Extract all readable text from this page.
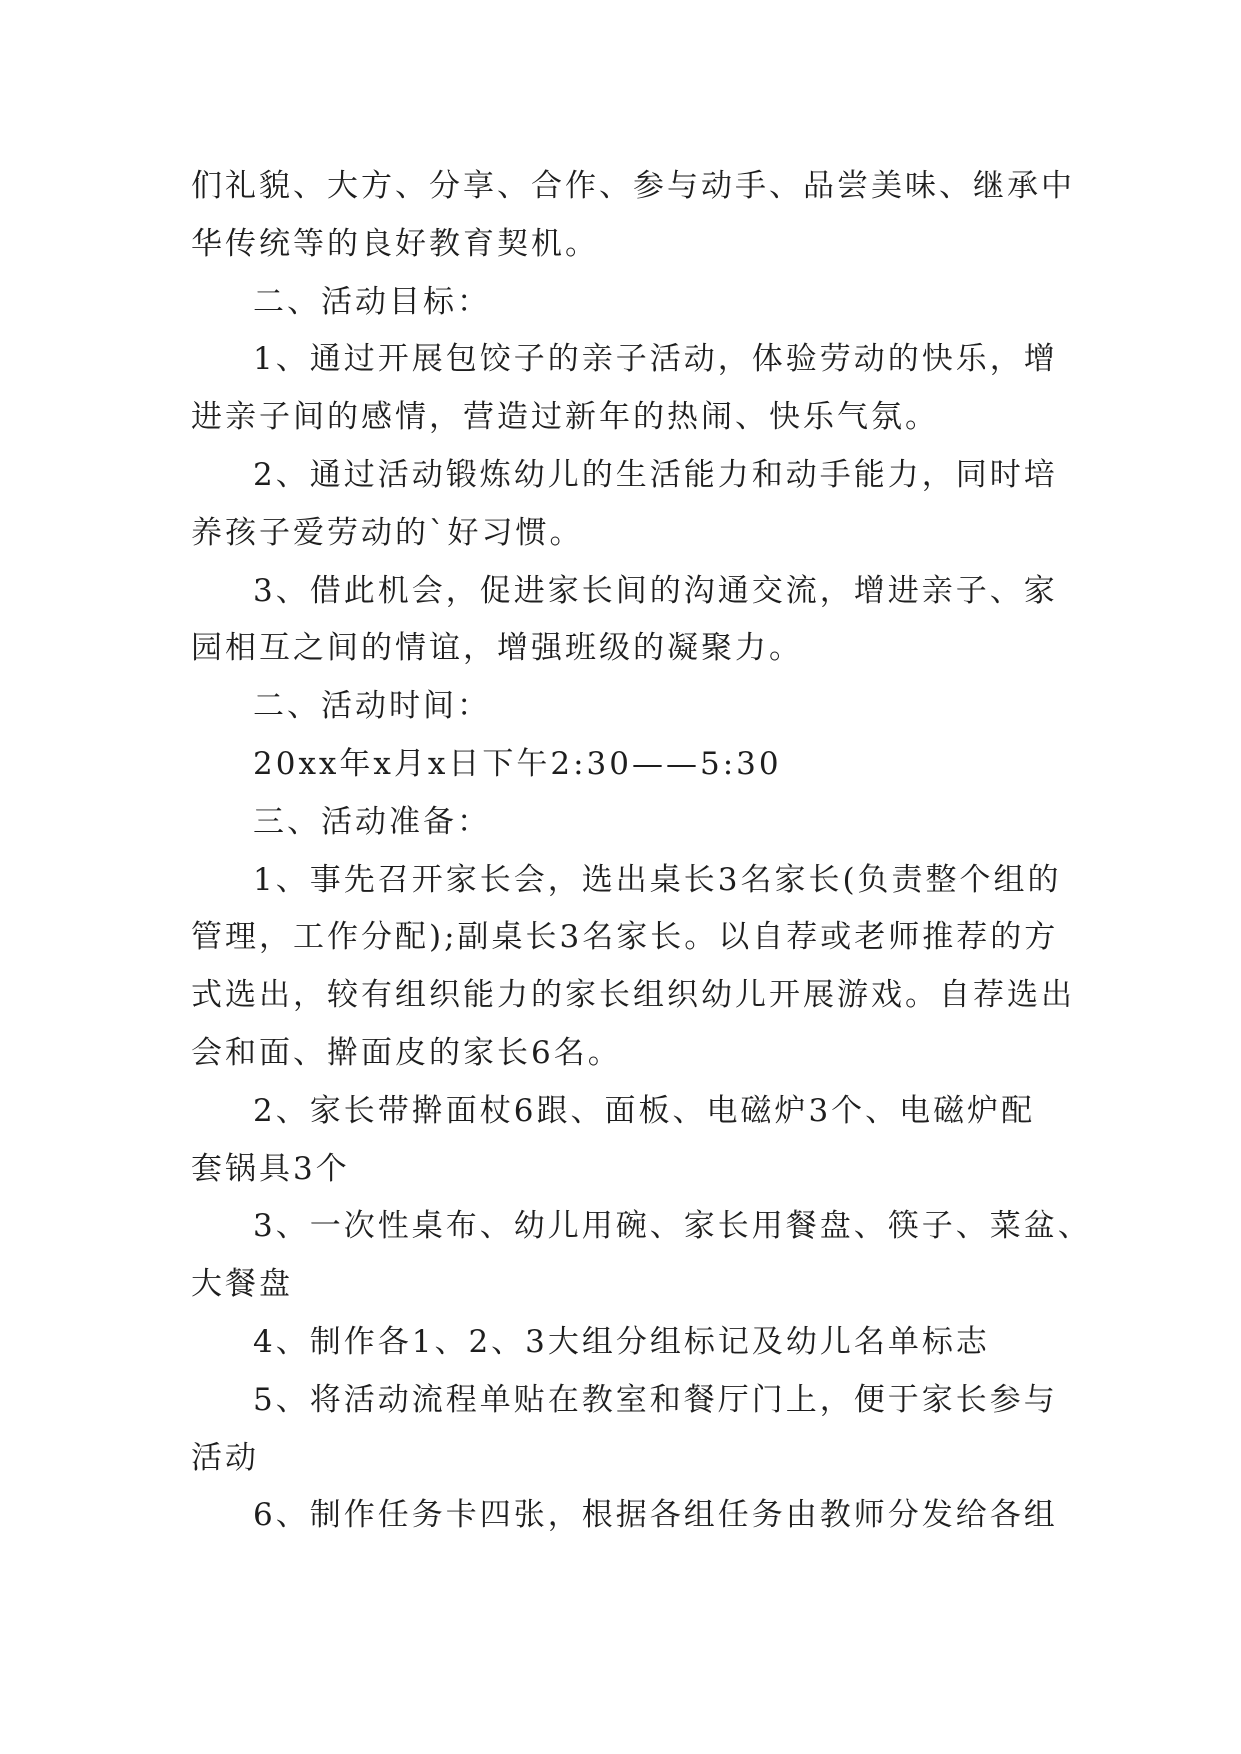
们礼貌、大方、分享、合作、参与动手、品尝美味、继承中
华传统等的良好教育契机。
二、活动目标：
1、通过开展包饺子的亲子活动，体验劳动的快乐，增
进亲子间的感情，营造过新年的热闹、快乐气氛。
2、通过活动锻炼幼儿的生活能力和动手能力，同时培
养孩子爱劳动的`好习惯。
3、借此机会，促进家长间的沟通交流，增进亲子、家
园相互之间的情谊，增强班级的凝聚力。
二、活动时间：
20xx年x月x日下午2:30——5:30
三、活动准备：
1、事先召开家长会，选出桌长3名家长(负责整个组的
管理，工作分配);副桌长3名家长。以自荐或老师推荐的方
式选出，较有组织能力的家长组织幼儿开展游戏。自荐选出
会和面、擀面皮的家长6名。
2、家长带擀面杖6跟、面板、电磁炉3个、电磁炉配
套锅具3个
3、一次性桌布、幼儿用碗、家长用餐盘、筷子、菜盆、
大餐盘
4、制作各1、2、3大组分组标记及幼儿名单标志
5、将活动流程单贴在教室和餐厅门上，便于家长参与
活动
6、制作任务卡四张，根据各组任务由教师分发给各组
